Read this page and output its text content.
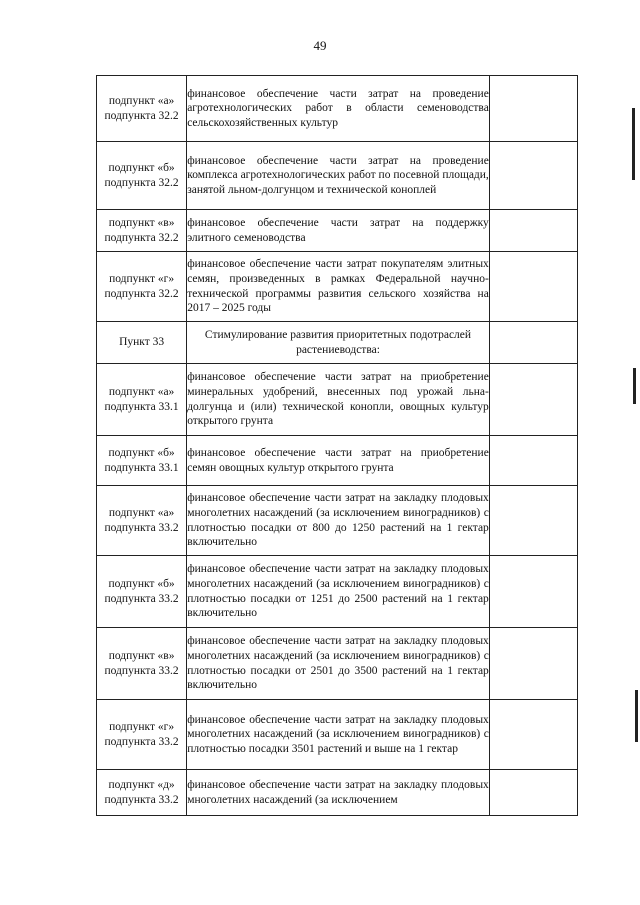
49
подпункт «а»
подпункта 32.2	финансовое обеспечение части затрат на проведение агротехнологических работ в области семеноводства сельскохозяйственных культур	

подпункт «б»
подпункта 32.2	финансовое обеспечение части затрат на проведение комплекса агротехнологических работ по посевной площади, занятой льном-долгунцом и технической коноплей	

подпункт «в»
подпункта 32.2	финансовое обеспечение части затрат на поддержку элитного семеноводства	

подпункт «г»
подпункта 32.2	финансовое обеспечение части затрат покупателям элитных семян, произведенных в рамках Федеральной научно-технической программы развития сельского хозяйства на 2017 – 2025 годы	

Пункт 33	Стимулирование развития приоритетных подотраслей растениеводства:	

подпункт «а»
подпункта 33.1	финансовое обеспечение части затрат на приобретение минеральных удобрений, внесенных под урожай льна-долгунца и (или) технической конопли, овощных культур открытого грунта	

подпункт «б»
подпункта 33.1	финансовое обеспечение части затрат на приобретение семян овощных культур открытого грунта	

подпункт «а»
подпункта 33.2	финансовое обеспечение части затрат на закладку плодовых многолетних насаждений (за исключением виноградников) с плотностью посадки от 800 до 1250 растений на 1 гектар включительно	

подпункт «б»
подпункта 33.2	финансовое обеспечение части затрат на закладку плодовых многолетних насаждений (за исключением виноградников) с плотностью посадки от 1251 до 2500 растений на 1 гектар включительно	

подпункт «в»
подпункта 33.2	финансовое обеспечение части затрат на закладку плодовых многолетних насаждений (за исключением виноградников) с плотностью посадки от 2501 до 3500 растений на 1 гектар включительно	

подпункт «г»
подпункта 33.2	финансовое обеспечение части затрат на закладку плодовых многолетних насаждений (за исключением виноградников) с плотностью посадки 3501 растений и выше на 1 гектар	

подпункт «д»
подпункта 33.2	финансовое обеспечение части затрат на закладку плодовых многолетних насаждений (за исключением	
